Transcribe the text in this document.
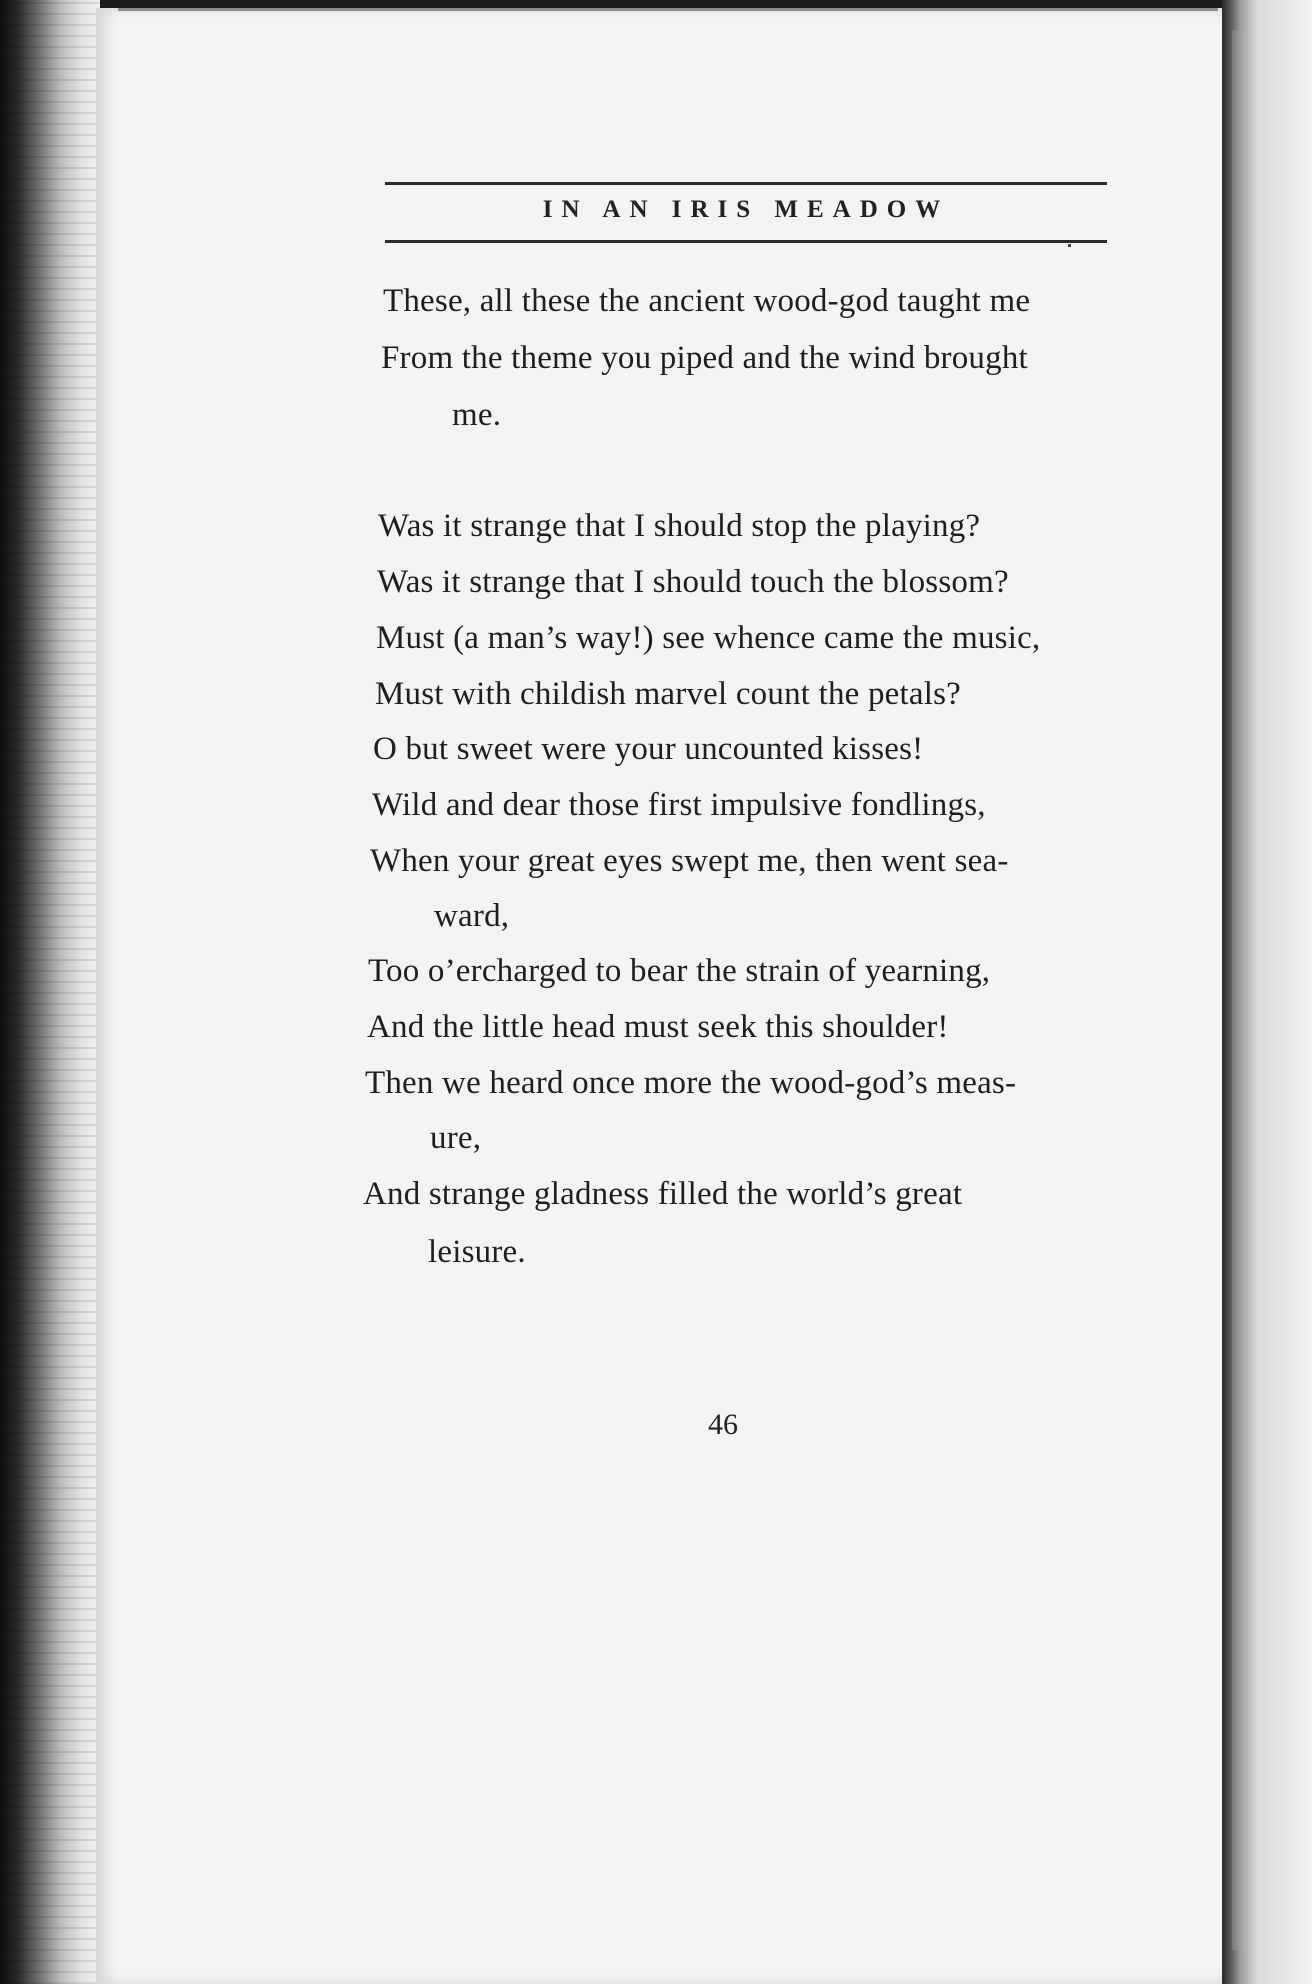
IN AN IRIS MEADOW
These, all these the ancient wood-god taught me
From the theme you piped and the wind brought
me.
Was it strange that I should stop the playing?
Was it strange that I should touch the blossom?
Must (a man’s way!) see whence came the music,
Must with childish marvel count the petals?
O but sweet were your uncounted kisses!
Wild and dear those first impulsive fondlings,
When your great eyes swept me, then went sea-
ward,
Too o’ercharged to bear the strain of yearning,
And the little head must seek this shoulder!
Then we heard once more the wood-god’s meas-
ure,
And strange gladness filled the world’s great
leisure.
46
